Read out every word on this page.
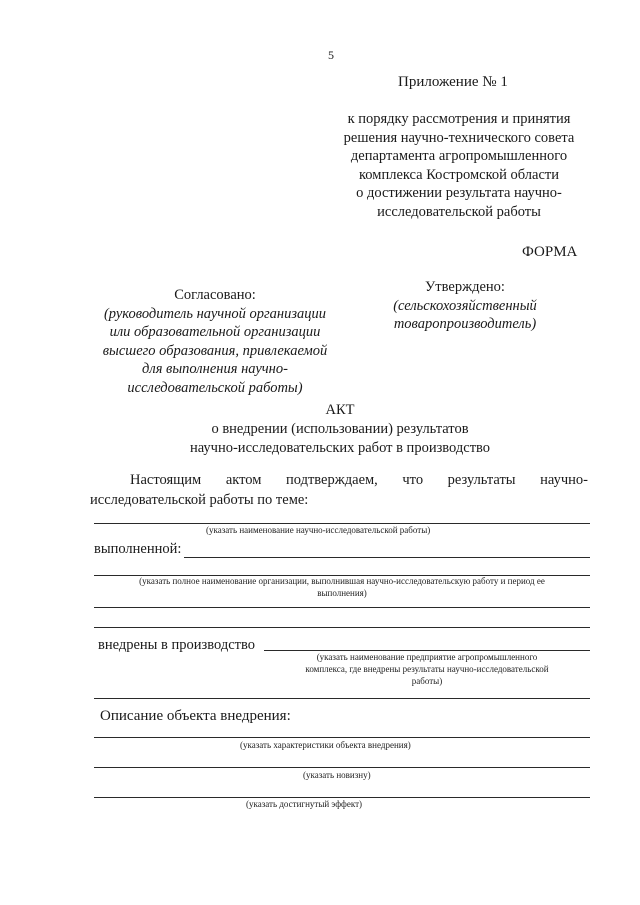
5
Приложение № 1
к порядку рассмотрения и принятия
решения научно-технического совета
департамента агропромышленного
комплекса Костромской области
о достижении результата научно-
исследовательской работы
ФОРМА
Согласовано:
(руководитель научной организации
или образовательной организации
высшего образования, привлекаемой
для выполнения научно-
исследовательской работы)
Утверждено:
(сельскохозяйственный
товаропроизводитель)
АКТ
о внедрении (использовании) результатов
научно-исследовательских работ в производство
Настоящим актом подтверждаем, что результаты научно-
исследовательской работы по теме:
(указать наименование научно-исследовательской работы)
выполненной:
(указать полное наименование организации, выполнившая научно-исследовательскую работу и период ее
выполнения)
внедрены в производство
(указать наименование предприятие агропромышленного
комплекса, где внедрены результаты научно-исследовательской
работы)
Описание объекта внедрения:
(указать характеристики объекта внедрения)
(указать новизну)
(указать достигнутый эффект)
